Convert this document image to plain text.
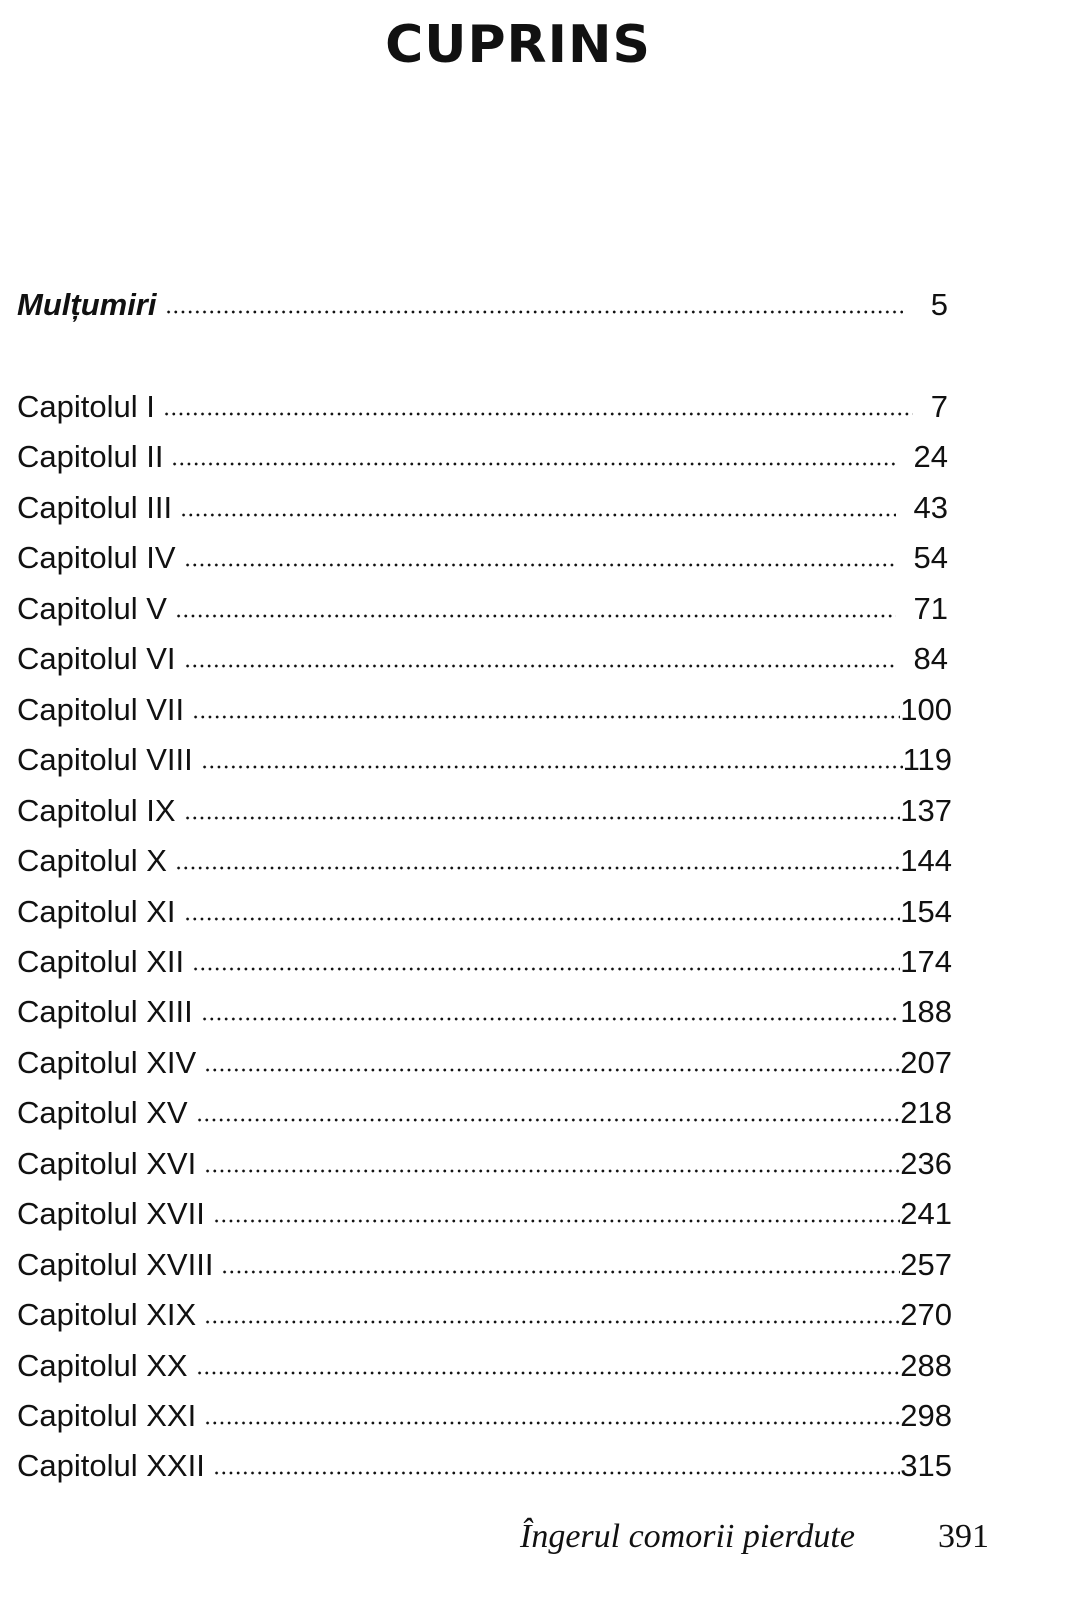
CUPRINS
Mulțumiri	5
Capitolul I	7
Capitolul II	24
Capitolul III	43
Capitolul IV	54
Capitolul V	71
Capitolul VI	84
Capitolul VII	100
Capitolul VIII	119
Capitolul IX	137
Capitolul X	144
Capitolul XI	154
Capitolul XII	174
Capitolul XIII	188
Capitolul XIV	207
Capitolul XV	218
Capitolul XVI	236
Capitolul XVII	241
Capitolul XVIII	257
Capitolul XIX	270
Capitolul XX	288
Capitolul XXI	298
Capitolul XXII	315
Îngerul comorii pierdute 391
